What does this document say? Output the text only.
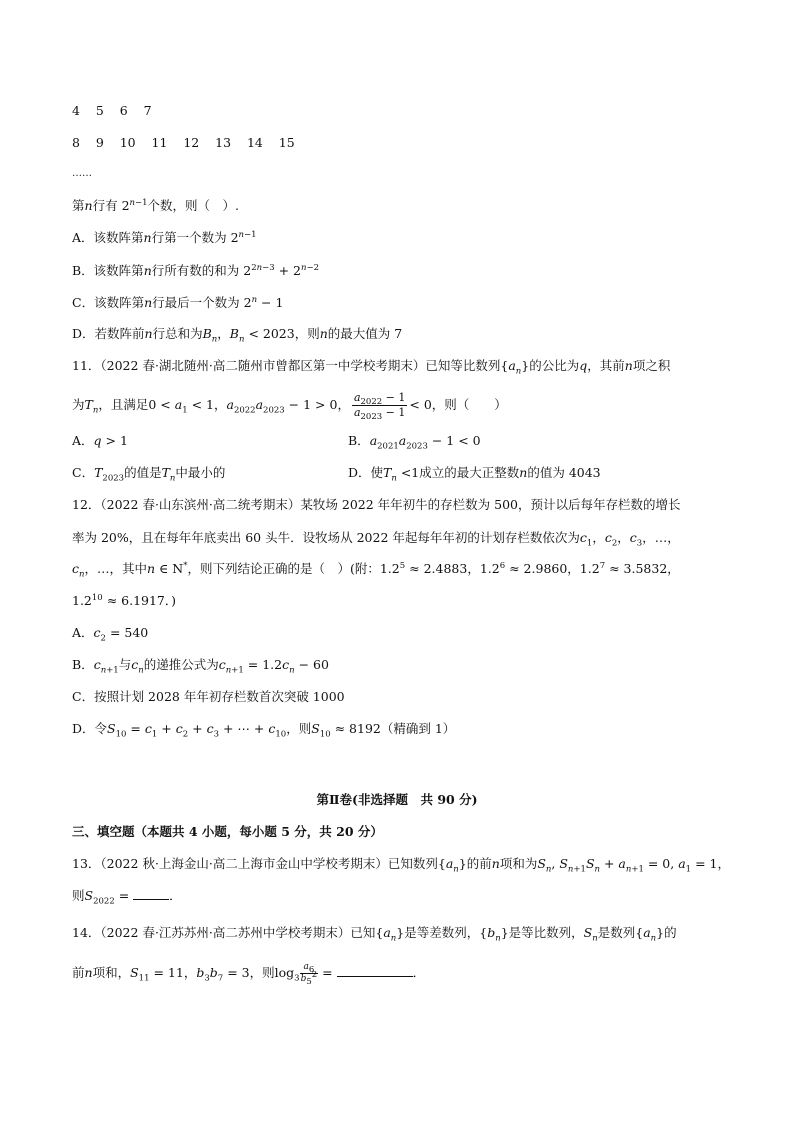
4 5 6 7
8 9 10 11 12 13 14 15
……
第n行有 $2^{n-1}$个数，则（　）.
A．该数阵第n行第一个数为 $2^{n-1}$
B．该数阵第n行所有数的和为 $2^{2n-3} + 2^{n-2}$
C．该数阵第n行最后一个数为 $2^n - 1$
D．若数阵前n行总和为$B_n$，$B_n < 2023$，则n的最大值为 7
11．（2022 春·湖北随州·高二随州市曾都区第一中学校考期末）已知等比数列$\{a_n\}$的公比为q，其前n项之积
为$T_n$，且满足$0 < a_1 < 1$，$a_{2022}a_{2023} - 1 > 0$， $\frac{a_{2022} - 1}{a_{2023} - 1} < 0$，则（　　）
A．q > 1	B．$a_{2021}a_{2023} - 1 < 0$
C．$T_{2023}$的值是$T_n$中最小的	D．使$T_n <1$成立的最大正整数n的值为 4043
12．（2022 春·山东滨州·高二统考期末）某牧场 2022 年年初牛的存栏数为 500，预计以后每年存栏数的增长
率为 20%，且在每年年底卖出 60 头牛．设牧场从 2022 年起每年年初的计划存栏数依次为$c_1$，$c_2$，$c_3$，…，
$c_n$，…，其中n ∈ N*，则下列结论正确的是（　）(附：$1.2^5 \approx 2.4883$，$1.2^6 \approx 2.9860$，$1.2^7 \approx 3.5832$，
$1.2^{10} \approx 6.1917$．)
A．$c_2 = 540$
B．$c_{n+1}$与$c_n$的递推公式为$c_{n+1} = 1.2c_n - 60$
C．按照计划 2028 年年初存栏数首次突破 1000
D．令$S_{10} = c_1 + c_2 + c_3$ + ⋯ + $c_{10}$，则$S_{10} \approx 8192$（精确到 1）
第Ⅱ卷(非选择题　共 90 分)
三、填空题（本题共 4 小题，每小题 5 分，共 20 分）
13．（2022 秋·上海金山·高二上海市金山中学校考期末）已知数列$\{a_n\}$的前n项和为$S_n$, $S_{n+1}S_n + a_{n+1} = 0$, $a_1 = 1$，
则$S_{2022}$ =	．
14．（2022 春·江苏苏州·高二苏州中学校考期末）已知$\{a_n\}$是等差数列，$\{b_n\}$是等比数列，$S_n$是数列$\{a_n\}$的
前n项和，$S_{11} = 11$，$b_3b_7 = 3$，则$\log_3 \frac{a_6}{b_5^2}$ =	．
